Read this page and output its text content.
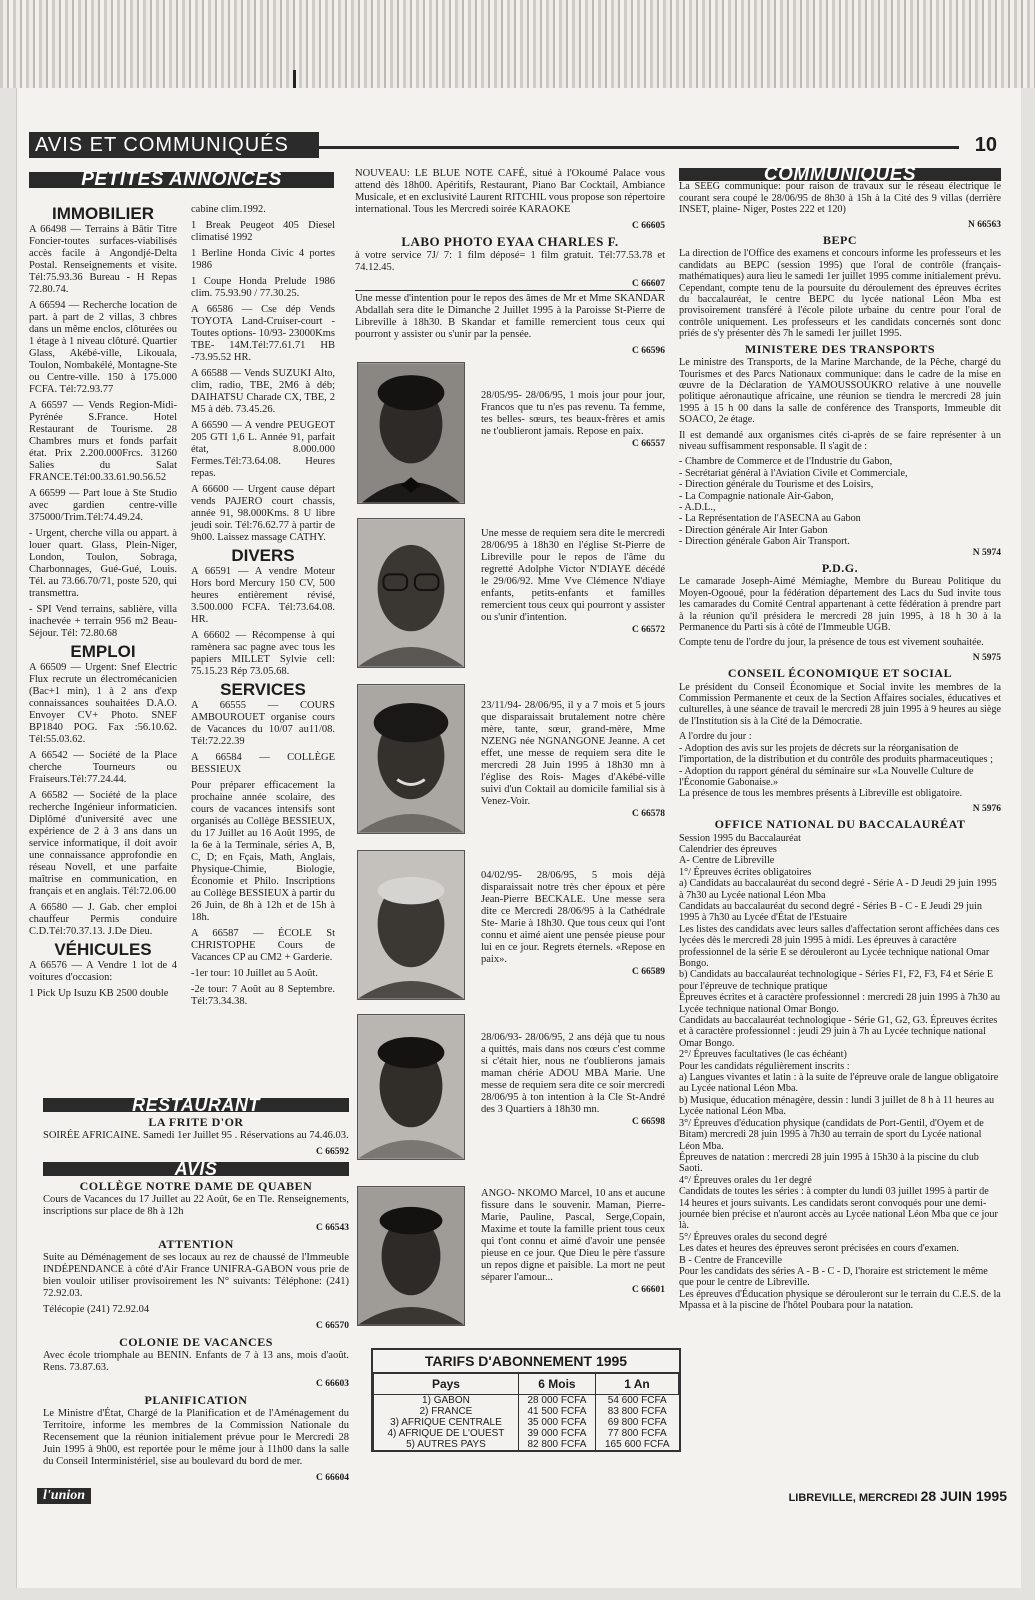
AVIS ET COMMUNIQUÉS	10
PETITES ANNONCES
IMMOBILIER

A 66498 — Terrains à Bâtir Titre Foncier-toutes surfaces-viabilisés accès facile à Angondjé-Delta Postal. Renseignements et visite. Tél:75.93.36 Bureau - H Repas 72.80.74.

A 66594 — Recherche location de part. à part de 2 villas, 3 chbres dans un même enclos, clôturées ou 1 étage à 1 niveau clôturé. Quartier Glass, Akébé-ville, Likouala, Toulon, Nombakélé, Montagne-Ste ou Centre-ville. 150 à 175.000 FCFA. Tél:72.93.77

A 66597 — Vends Region-Midi-Pyrénée S.France. Hotel Restaurant de Tourisme. 28 Chambres murs et fonds parfait état. Prix 2.200.000Frcs. 31260 Salies du Salat FRANCE.Tél:00.33.61.90.56.52

A 66599 — Part loue à Ste Studio avec gardien centre-ville 375000/Trim.Tél:74.49.24.

- Urgent, cherche villa ou appart. à louer quart. Glass, Plein-Niger, London, Toulon, Sobraga, Charbonnages, Gué-Gué, Louis. Tél. au 73.66.70/71, poste 520, qui transmettra.

- SPI Vend terrains, sablière, villa inachevée + terrain 956 m2 Beau-Séjour. Tél: 72.80.68

EMPLOI

A 66509 — Urgent: Snef Electric Flux recrute un électromécanicien (Bac+1 min), 1 à 2 ans d'exp connaissances souhaitées D.A.O. Envoyer CV+ Photo. SNEF BP1840 POG. Fax :56.10.62. Tél:55.03.62.

A 66542 — Société de la Place cherche Tourneurs ou Fraiseurs.Tél:77.24.44.

A 66582 — Société de la place recherche Ingénieur informaticien. Diplômé d'université avec une expérience de 2 à 3 ans dans un service informatique, il doit avoir une connaissance approfondie en réseau Novell, et une parfaite maîtrise en communication, en français et en anglais. Tél:72.06.00

A 66580 — J. Gab. cher emploi chauffeur Permis conduire C.D.Tél:70.37.13. J.De Dieu.

VÉHICULES

A 66576 — A Vendre 1 lot de 4 voitures d'occasion:

1 Pick Up Isuzu KB 2500 double

cabine clim.1992.

1 Break Peugeot 405 Diesel climatisé 1992

1 Berline Honda Civic 4 portes 1986

1 Coupe Honda Prelude 1986 clim. 75.93.90 / 77.30.25.

A 66586 — Cse dép Vends TOYOTA Land-Cruiser-court -Toutes options- 10/93- 23000Kms TBE- 14M.Tél:77.61.71 HB -73.95.52 HR.

A 66588 — Vends SUZUKI Alto, clim, radio, TBE, 2M6 à déb; DAIHATSU Charade CX, TBE, 2 M5 à déb. 73.45.26.

A 66590 — A vendre PEUGEOT 205 GTI 1,6 L. Année 91, parfait état, 8.000.000 Fermes.Tél:73.64.08. Heures repas.

A 66600 — Urgent cause départ vends PAJERO court chassis, année 91, 98.000Kms. 8 U libre jeudi soir. Tél:76.62.77 à partir de 9h00. Laissez massage CATHY.

DIVERS

A 66591 — A vendre Moteur Hors bord Mercury 150 CV, 500 heures entièrement révisé, 3.500.000 FCFA. Tél:73.64.08. HR.

A 66602 — Récompense à qui ramènera sac pagne avec tous les papiers MILLET Sylvie cell: 75.15.23 Rép 73.05.68.

SERVICES

A 66555 — COURS AMBOUROUET organise cours de Vacances du 10/07 au11/08. Tél:72.22.39

A 66584 — COLLÈGE BESSIEUX

Pour préparer efficacement la prochaine année scolaire, des cours de vacances intensifs sont organisés au Collège BESSIEUX, du 17 Juillet au 16 Août 1995, de la 6e à la Terminale, séries A, B, C, D; en Fçais, Math, Anglais, Physique-Chimie, Biologie, Économie et Philo. Inscriptions au Collège BESSIEUX à partir du 26 Juin, de 8h à 12h et de 15h à 18h.

A 66587 — ÉCOLE St CHRISTOPHE Cours de Vacances CP au CM2 + Garderie.

-1er tour: 10 Juillet au 5 Août.

-2e tour: 7 Août au 8 Septembre. Tél:73.34.38.

RESTAURANT
LA FRITE D'OR

SOIRÉE AFRICAINE. Samedi 1er Juillet 95 . Réservations au 74.46.03.

C 66592
AVIS
COLLÈGE NOTRE DAME DE QUABEN

Cours de Vacances du 17 Juillet au 22 Août, 6e en Tle. Renseignements, inscriptions sur place de 8h à 12h

C 66543
ATTENTION

Suite au Déménagement de ses locaux au rez de chaussé de l'Immeuble INDÉPENDANCE à côté d'Air France UNIFRA-GABON vous prie de bien vouloir utiliser provisoirement les N° suivants: Téléphone: (241) 72.92.03.

Télécopie (241) 72.92.04

C 66570
COLONIE DE VACANCES

Avec école triomphale au BENIN. Enfants de 7 à 13 ans, mois d'août. Rens. 73.87.63.

C 66603
PLANIFICATION

Le Ministre d'État, Chargé de la Planification et de l'Aménagement du Territoire, informe les membres de la Commission Nationale du Recensement que la réunion initialement prévue pour le Mercredi 28 Juin 1995 à 9h00, est reportée pour le même jour à 11h00 dans la salle du Conseil Interministériel, sise au boulevard du bord de mer.

C 66604

NOUVEAU: LE BLUE NOTE CAFÉ, situé à l'Okoumé Palace vous attend dès 18h00. Apéritifs, Restaurant, Piano Bar Cocktail, Ambiance Musicale, et en exclusivité Laurent RITCHIL vous propose son répertoire international. Tous les Mercredi soirée KARAOKE

C 66605
LABO PHOTO EYAA CHARLES F.

à votre service 7J/ 7: 1 film déposé= 1 film gratuit. Tél:77.53.78 et 74.12.45.

C 66607

Une messe d'intention pour le repos des âmes de Mr et Mme SKANDAR Abdallah sera dite le Dimanche 2 Juillet 1995 à la Paroisse St-Pierre de Libreville à 18h30. B Skandar et famille remercient tous ceux qui pourront y assister ou s'unir par la pensée.

C 66596

28/05/95- 28/06/95, 1 mois jour pour jour, Francos que tu n'es pas revenu. Ta femme, tes belles- sœurs, tes beaux-frères et amis ne t'oublieront jamais. Repose en paix.

C 66557

Une messe de requiem sera dite le mercredi 28/06/95 à 18h30 en l'église St-Pierre de Libreville pour le repos de l'âme du regretté Adolphe Victor N'DIAYE décédé le 29/06/92. Mme Vve Clémence N'diaye enfants, petits-enfants et familles remercient tous ceux qui pourront y assister ou s'unir d'intention.

C 66572

23/11/94- 28/06/95, il y a 7 mois et 5 jours que disparaissait brutalement notre chère mère, tante, sœur, grand-mère, Mme NZENG née NGNANGONE Jeanne. A cet effet, une messe de requiem sera dite le mercredi 28 Juin 1995 à 18h30 mn à l'église des Rois- Mages d'Akébé-ville suivi d'un Coktail au domicile familial sis à Venez-Voir.

C 66578

04/02/95- 28/06/95, 5 mois déjà disparaissait notre très cher époux et père Jean-Pierre BECKALE. Une messe sera dite ce Mercredi 28/06/95 à la Cathédrale Ste- Marie à 18h30. Que tous ceux qui l'ont connu et aimé aient une pensée pieuse pour lui en ce jour. Regrets éternels. «Repose en paix».

C 66589

28/06/93- 28/06/95, 2 ans déjà que tu nous a quittés, mais dans nos cœurs c'est comme si c'était hier, nous ne t'oublierons jamais maman chérie ADOU MBA Marie. Une messe de requiem sera dite ce soir mercredi 28/06/95 à ton intention à la Cle St-André des 3 Quartiers à 18h30 mn.

C 66598

ANGO- NKOMO Marcel, 10 ans et aucune fissure dans le souvenir. Maman, Pierre-Marie, Pauline, Pascal, Serge,Copain, Maxime et toute la famille prient tous ceux qui t'ont connu et aimé d'avoir une pensée pieuse en ce jour. Que Dieu le père t'assure un repos digne et paisible. La mort ne peut séparer l'amour...

C 66601
TARIFS D'ABONNEMENT 1995
Pays	6 Mois	1 An
1) GABON	28 000 FCFA	54 600 FCFA
2) FRANCE	41 500 FCFA	83 800 FCFA
3) AFRIQUE CENTRALE	35 000 FCFA	69 800 FCFA
4) AFRIQUE DE L'OUEST	39 000 FCFA	77 800 FCFA
5) AUTRES PAYS	82 800 FCFA	165 600 FCFA
COMMUNIQUÉS

La SEEG communique: pour raison de travaux sur le réseau électrique le courant sera coupé le 28/06/95 de 8h30 à 15h à la Cité des 9 villas (derrière INSET, plaine- Niger, Postes 222 et 120)

N 66563
BEPC

La direction de l'Office des examens et concours informe les professeurs et les candidats au BEPC (session 1995) que l'oral de contrôle (français-mathématiques) aura lieu le samedi 1er juillet 1995 comme initialement prévu. Cependant, compte tenu de la poursuite du déroulement des épreuves écrites du baccalauréat, le centre BEPC du lycée national Léon Mba est provisoirement transféré à l'école pilote urbaine du centre pour l'oral de contrôle uniquement. Les professeurs et les candidats concernés sont donc priés de s'y présenter dès 7h le samedi 1er juillet 1995.

MINISTERE DES TRANSPORTS

Le ministre des Transports, de la Marine Marchande, de la Pêche, chargé du Tourismes et des Parcs Nationaux communique: dans le cadre de la mise en œuvre de la Déclaration de YAMOUSSOUKRO relative à une nouvelle politique aéronautique africaine, une réunion se tiendra le mercredi 28 juin 1995 à 15 h 00 dans la salle de conférence des Transports, Immeuble dit SOACO, 2e étage.

Il est demandé aux organismes cités ci-après de se faire représenter à un niveau suffisamment responsable. Il s'agit de :

- Chambre de Commerce et de l'Industrie du Gabon,
- Secrétariat général à l'Aviation Civile et Commerciale,
- Direction générale du Tourisme et des Loisirs,
- La Compagnie nationale Air-Gabon,
- A.D.L.,
- La Représentation de l'ASECNA au Gabon
- Direction générale Air Inter Gabon
- Direction générale Gabon Air Transport.
N 5974
P.D.G.

Le camarade Joseph-Aimé Mémiaghe, Membre du Bureau Politique du Moyen-Ogooué, pour la fédération département des Lacs du Sud invite tous les camarades du Comité Central appartenant à cette fédération à prendre part à la réunion qu'il présidera le mercredi 28 juin 1995, à 18 h 30 à la Permanence du Parti sis à côté de l'Immeuble UGB.

Compte tenu de l'ordre du jour, la présence de tous est vivement souhaitée.

N 5975
CONSEIL ÉCONOMIQUE ET SOCIAL

Le président du Conseil Économique et Social invite les membres de la Commission Permanente et ceux de la Section Affaires sociales, éducatives et culturelles, à une séance de travail le mercredi 28 juin 1995 à 9 heures au siège de l'Institution sis à la Cité de la Démocratie.

A l'ordre du jour :
- Adoption des avis sur les projets de décrets sur la réorganisation de l'importation, de la distribution et du contrôle des produits pharmaceutiques ;
- Adoption du rapport général du séminaire sur «La Nouvelle Culture de l'Économie Gabonaise.»

La présence de tous les membres présents à Libreville est obligatoire.

N 5976
OFFICE NATIONAL DU BACCALAURÉAT
Session 1995 du Baccalauréat
Calendrier des épreuves
A- Centre de Libreville
1°/ Épreuves écrites obligatoires
a) Candidats au baccalauréat du second degré - Série A - D Jeudi 29 juin 1995 à 7h30 au Lycée national Léon Mba
Candidats au baccalauréat du second degré - Séries B - C - E Jeudi 29 juin 1995 à 7h30 au Lycée d'État de l'Estuaire
Les listes des candidats avec leurs salles d'affectation seront affichées dans ces lycées dès le mercredi 28 juin 1995 à midi. Les épreuves à caractère professionnel de la série E se dérouleront au Lycée technique national Omar Bongo.
b) Candidats au baccalauréat technologique - Séries F1, F2, F3, F4 et Série E pour l'épreuve de technique pratique
Épreuves écrites et à caractère professionnel : mercredi 28 juin 1995 à 7h30 au Lycée technique national Omar Bongo.
Candidats au baccalauréat technologique - Série G1, G2, G3. Épreuves écrites et à caractère professionnel : jeudi 29 juin à 7h au Lycée technique national Omar Bongo.
2°/ Épreuves facultatives (le cas échéant)
Pour les candidats régulièrement inscrits :
a) Langues vivantes et latin : à la suite de l'épreuve orale de langue obligatoire au Lycée national Léon Mba.
b) Musique, éducation ménagère, dessin : lundi 3 juillet de 8 h à 11 heures au Lycée national Léon Mba.
3°/ Épreuves d'éducation physique (candidats de Port-Gentil, d'Oyem et de Bitam) mercredi 28 juin 1995 à 7h30 au terrain de sport du Lycée national Léon Mba.
Épreuves de natation : mercredi 28 juin 1995 à 15h30 à la piscine du club Saoti.
4°/ Épreuves orales du 1er degré
Candidats de toutes les séries : à compter du lundi 03 juillet 1995 à partir de 14 heures et jours suivants. Les candidats seront convoqués pour une demi-journée bien précise et n'auront accès au Lycée national Léon Mba que ce jour là.
5°/ Épreuves orales du second degré
Les dates et heures des épreuves seront précisées en cours d'examen.
B - Centre de Franceville
Pour les candidats des séries A - B - C - D, l'horaire est strictement le même que pour le centre de Libreville.
Les épreuves d'Éducation physique se dérouleront sur le terrain du C.E.S. de la Mpassa et à la piscine de l'hôtel Poubara pour la natation.
l'union	LIBREVILLE, MERCREDI 28 JUIN 1995
